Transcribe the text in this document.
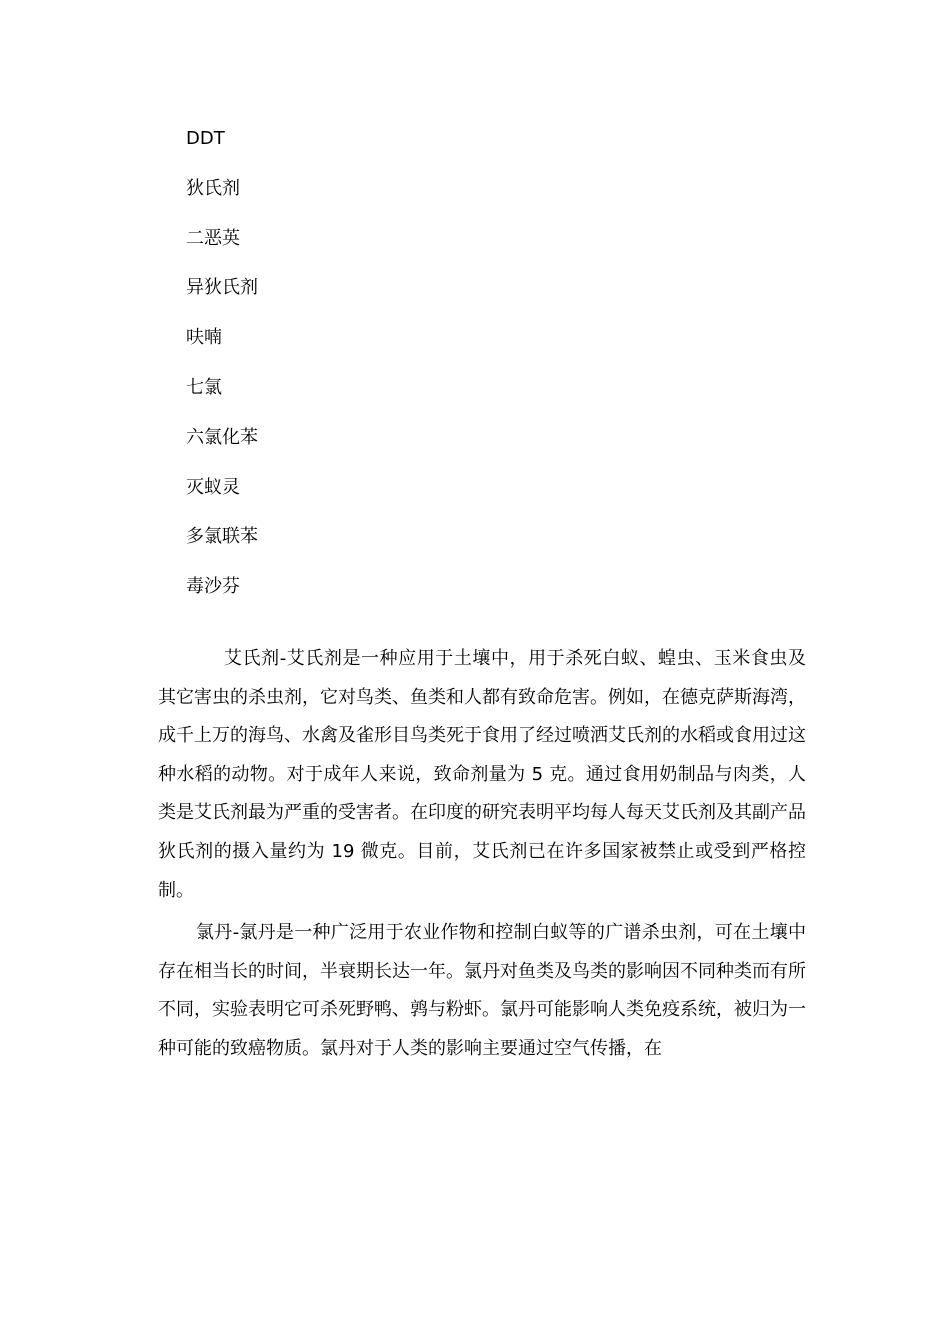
DDT
狄氏剂
二恶英
异狄氏剂
呋喃
七氯
六氯化苯
灭蚁灵
多氯联苯
毒沙芬

艾氏剂-艾氏剂是一种应用于土壤中，用于杀死白蚁、蝗虫、玉米食虫及其它害虫的杀虫剂，它对鸟类、鱼类和人都有致命危害。例如，在德克萨斯海湾，成千上万的海鸟、水禽及雀形目鸟类死于食用了经过喷洒艾氏剂的水稻或食用过这种水稻的动物。对于成年人来说，致命剂量为 5 克。通过食用奶制品与肉类，人类是艾氏剂最为严重的受害者。在印度的研究表明平均每人每天艾氏剂及其副产品狄氏剂的摄入量约为 19 微克。目前，艾氏剂已在许多国家被禁止或受到严格控制。

氯丹-氯丹是一种广泛用于农业作物和控制白蚁等的广谱杀虫剂，可在土壤中存在相当长的时间，半衰期长达一年。氯丹对鱼类及鸟类的影响因不同种类而有所不同，实验表明它可杀死野鸭、鹑与粉虾。氯丹可能影响人类免疫系统，被归为一种可能的致癌物质。氯丹对于人类的影响主要通过空气传播，在
